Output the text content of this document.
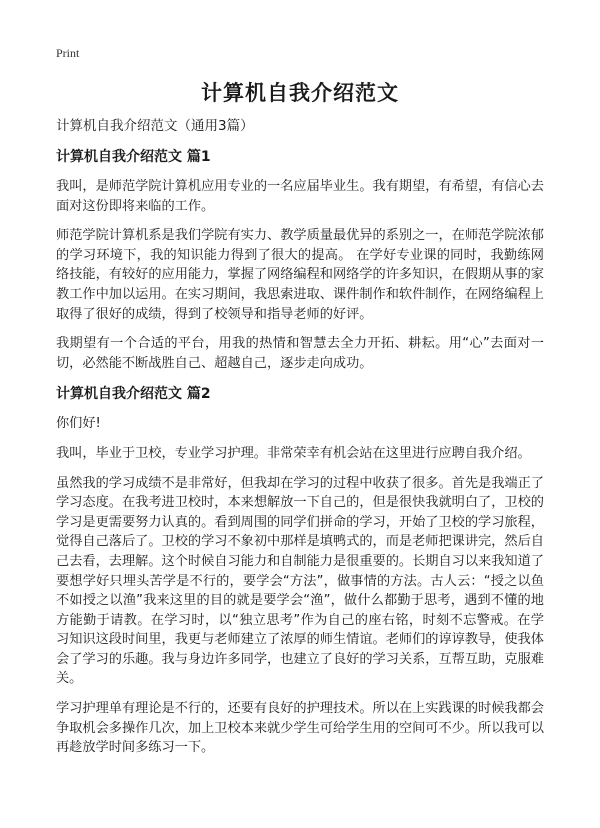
Print

计算机自我介绍范文

计算机自我介绍范文（通用3篇）

计算机自我介绍范文 篇1

我叫，是师范学院计算机应用专业的一名应届毕业生。我有期望，有希望，有信心去面对这份即将来临的工作。

师范学院计算机系是我们学院有实力、教学质量最优异的系别之一，在师范学院浓郁的学习环境下，我的知识能力得到了很大的提高。 在学好专业课的同时，我勤练网络技能，有较好的应用能力，掌握了网络编程和网络学的许多知识，在假期从事的家教工作中加以运用。在实习期间，我思索进取、课件制作和软件制作，在网络编程上取得了很好的成绩，得到了校领导和指导老师的好评。

我期望有一个合适的平台，用我的热情和智慧去全力开拓、耕耘。用“心”去面对一切，必然能不断战胜自己、超越自己，逐步走向成功。

计算机自我介绍范文 篇2

你们好!

我叫，毕业于卫校，专业学习护理。非常荣幸有机会站在这里进行应聘自我介绍。

虽然我的学习成绩不是非常好，但我却在学习的过程中收获了很多。首先是我端正了学习态度。在我考进卫校时，本来想解放一下自己的，但是很快我就明白了，卫校的学习是更需要努力认真的。看到周围的同学们拼命的学习，开始了卫校的学习旅程，觉得自己落后了。卫校的学习不象初中那样是填鸭式的，而是老师把课讲完，然后自己去看，去理解。这个时候自习能力和自制能力是很重要的。长期自习以来我知道了要想学好只埋头苦学是不行的，要学会“方法”，做事情的方法。古人云：“授之以鱼不如授之以渔”我来这里的目的就是要学会“渔”，做什么都勤于思考，遇到不懂的地方能勤于请教。在学习时，以“独立思考”作为自己的座右铭，时刻不忘警戒。在学习知识这段时间里，我更与老师建立了浓厚的师生情谊。老师们的谆谆教导，使我体会了学习的乐趣。我与身边许多同学，也建立了良好的学习关系，互帮互助，克服难关。

学习护理单有理论是不行的，还要有良好的护理技术。所以在上实践课的时候我都会争取机会多操作几次，加上卫校本来就少学生可给学生用的空间可不少。所以我可以再趁放学时间多练习一下。
